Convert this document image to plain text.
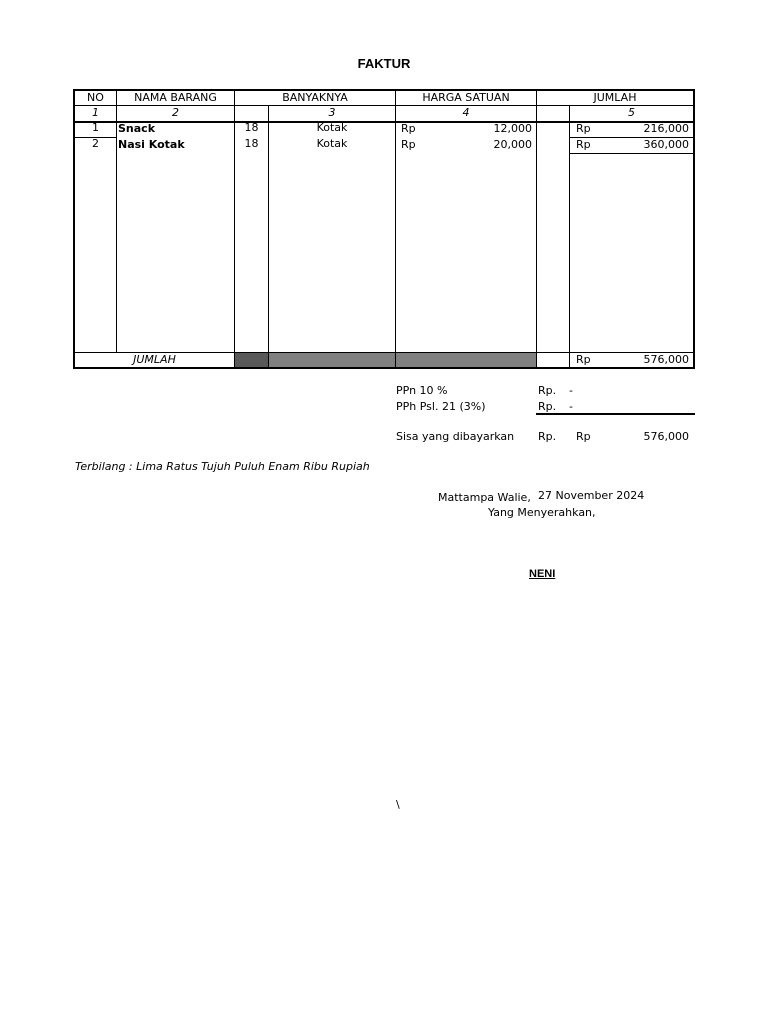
FAKTUR
NO	NAMA BARANG	BANYAKNYA	HARGA SATUAN	JUMLAH
1	2	3	4	5
1	Snack	18	Kotak	Rp	12,000	Rp	216,000
2	Nasi Kotak	18	Kotak	Rp	20,000	Rp	360,000
JUMLAH	Rp	576,000
PPn 10 %	Rp. -
PPh Psl. 21 (3%)	Rp. -
Sisa yang dibayarkan Rp. Rp	576,000
Terbilang : Lima Ratus Tujuh Puluh Enam Ribu Rupiah
Mattampa Walie, 27 November 2024
Yang Menyerahkan,
NENI
\
